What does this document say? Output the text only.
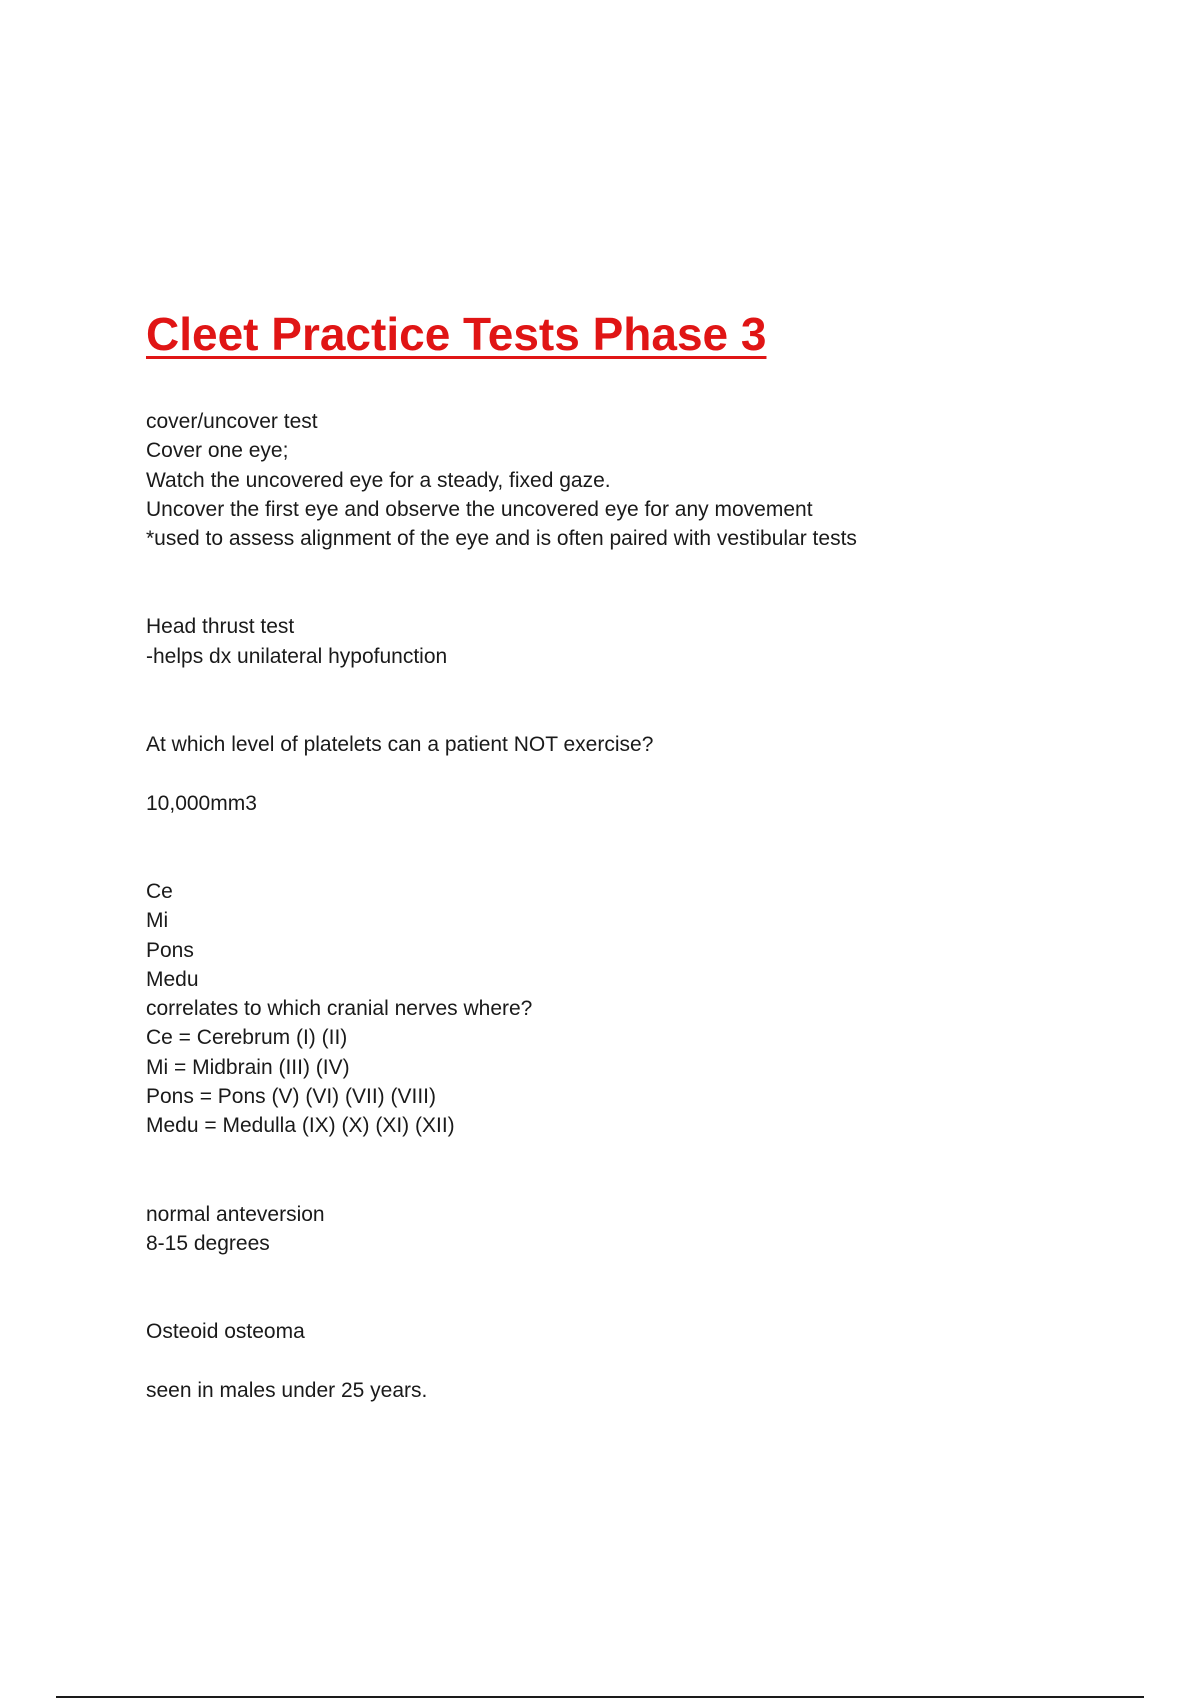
Cleet Practice Tests Phase 3
cover/uncover test
Cover one eye;
Watch the uncovered eye for a steady, fixed gaze.
Uncover the first eye and observe the uncovered eye for any movement
*used to assess alignment of the eye and is often paired with vestibular tests
Head thrust test
-helps dx unilateral hypofunction
At which level of platelets can a patient NOT exercise?
10,000mm3
Ce
Mi
Pons
Medu
correlates to which cranial nerves where?
Ce = Cerebrum (I) (II)
Mi = Midbrain (III) (IV)
Pons = Pons (V) (VI) (VII) (VIII)
Medu = Medulla (IX) (X) (XI) (XII)
normal anteversion
8-15 degrees
Osteoid osteoma
seen in males under 25 years.
